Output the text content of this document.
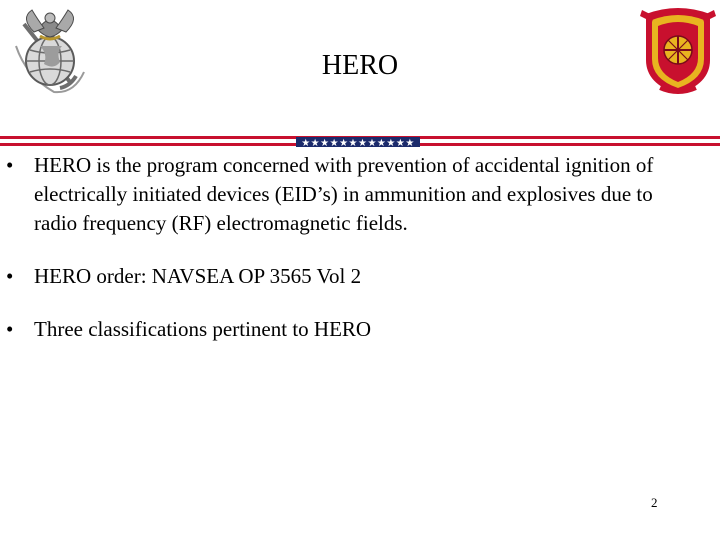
HERO
★★★★★★★★★★★★
• HERO is the program concerned with prevention of accidental ignition of electrically initiated devices (EID’s) in ammunition and explosives due to radio frequency (RF) electromagnetic fields.
• HERO order: NAVSEA OP 3565 Vol 2
• Three classifications pertinent to HERO
2
